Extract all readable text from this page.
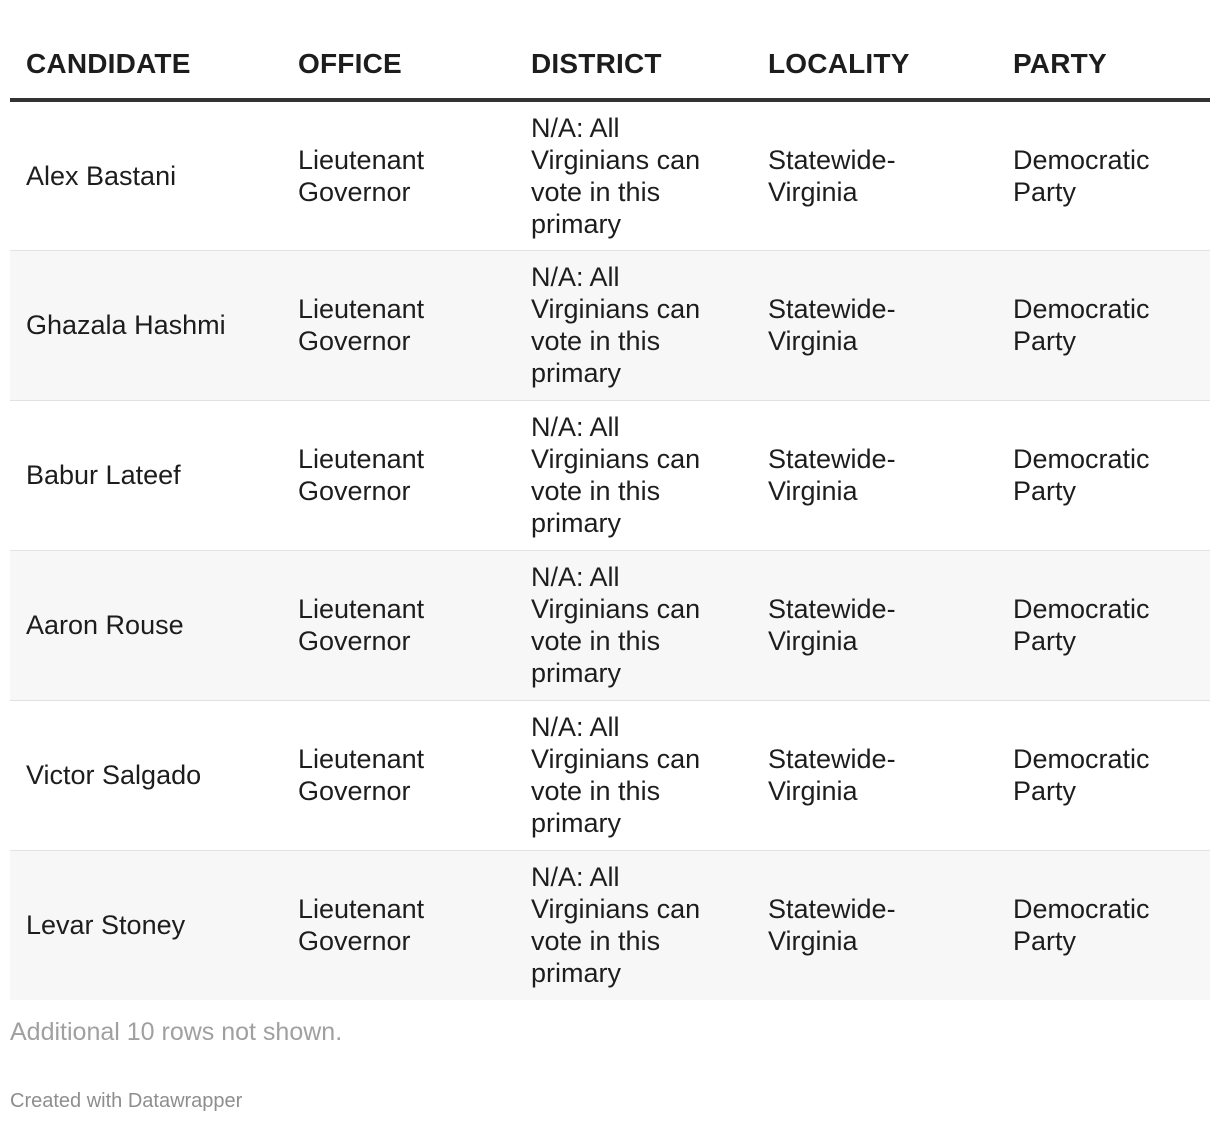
CANDIDATE	OFFICE	DISTRICT	LOCALITY	PARTY
Alex Bastani	Lieutenant Governor	N/A: All Virginians can vote in this primary	Statewide- Virginia	Democratic Party
Ghazala Hashmi	Lieutenant Governor	N/A: All Virginians can vote in this primary	Statewide- Virginia	Democratic Party
Babur Lateef	Lieutenant Governor	N/A: All Virginians can vote in this primary	Statewide- Virginia	Democratic Party
Aaron Rouse	Lieutenant Governor	N/A: All Virginians can vote in this primary	Statewide- Virginia	Democratic Party
Victor Salgado	Lieutenant Governor	N/A: All Virginians can vote in this primary	Statewide- Virginia	Democratic Party
Levar Stoney	Lieutenant Governor	N/A: All Virginians can vote in this primary	Statewide- Virginia	Democratic Party
Additional 10 rows not shown.
Created with Datawrapper
